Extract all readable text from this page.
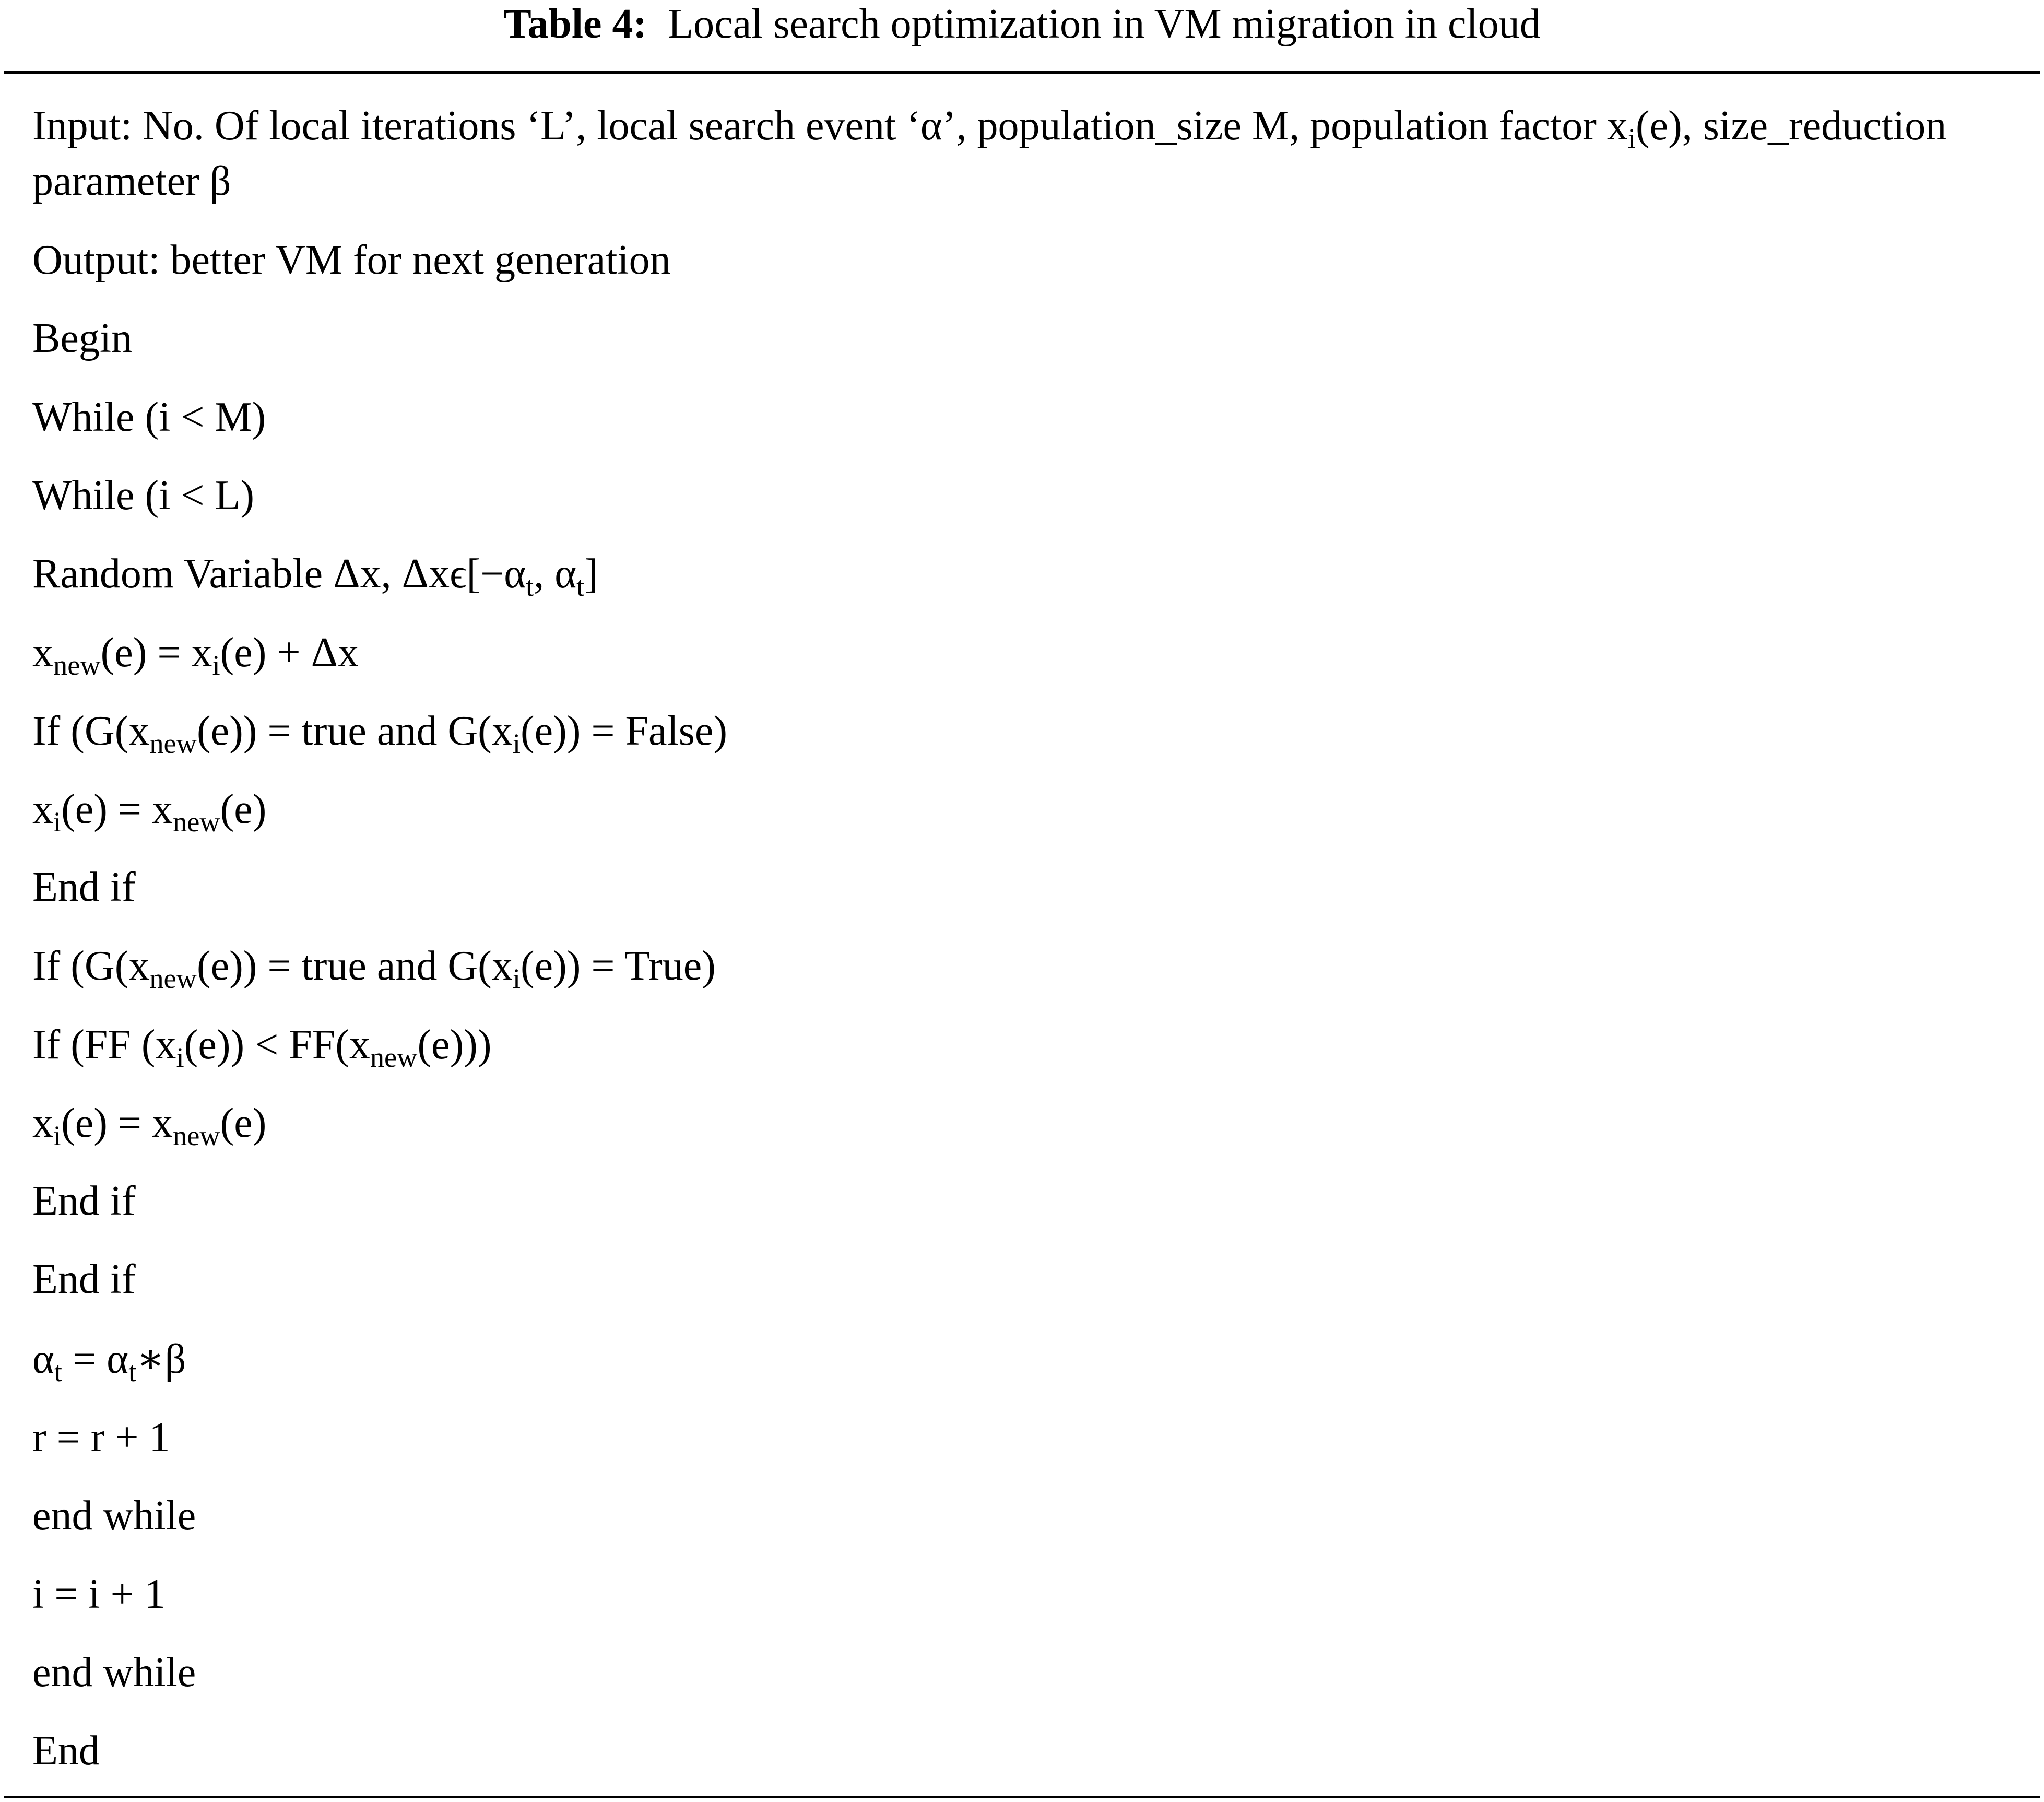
Table 4: Local search optimization in VM migration in cloud
Input: No. Of local iterations ‘L’, local search event ‘α’, population_size M, population factor $x_i(e)$, size_reduction parameter β
Output: better VM for next generation
Begin
While (i < M)
While (i < L)
Random Variable Δx, $\Delta x\epsilon[-\alpha_t$, $\alpha_t$]
$x_{new}(e) = x_i(e) + \Delta x$
If ($G(x_{new}(e))$ = true and $G(x_i(e))$ = False)
$x_i(e) = x_{new}(e)$
End if
If ($G(x_{new}(e))$ = true and $G(x_i(e))$ = True)
If (FF $(x_i(e)) < FF(x_{new}(e))$)
$x_i(e) = x_{new}(e)$
End if
End if
$\alpha_t$ = $\alpha_t∗\beta$
r = r + 1
end while
i = i + 1
end while
End
